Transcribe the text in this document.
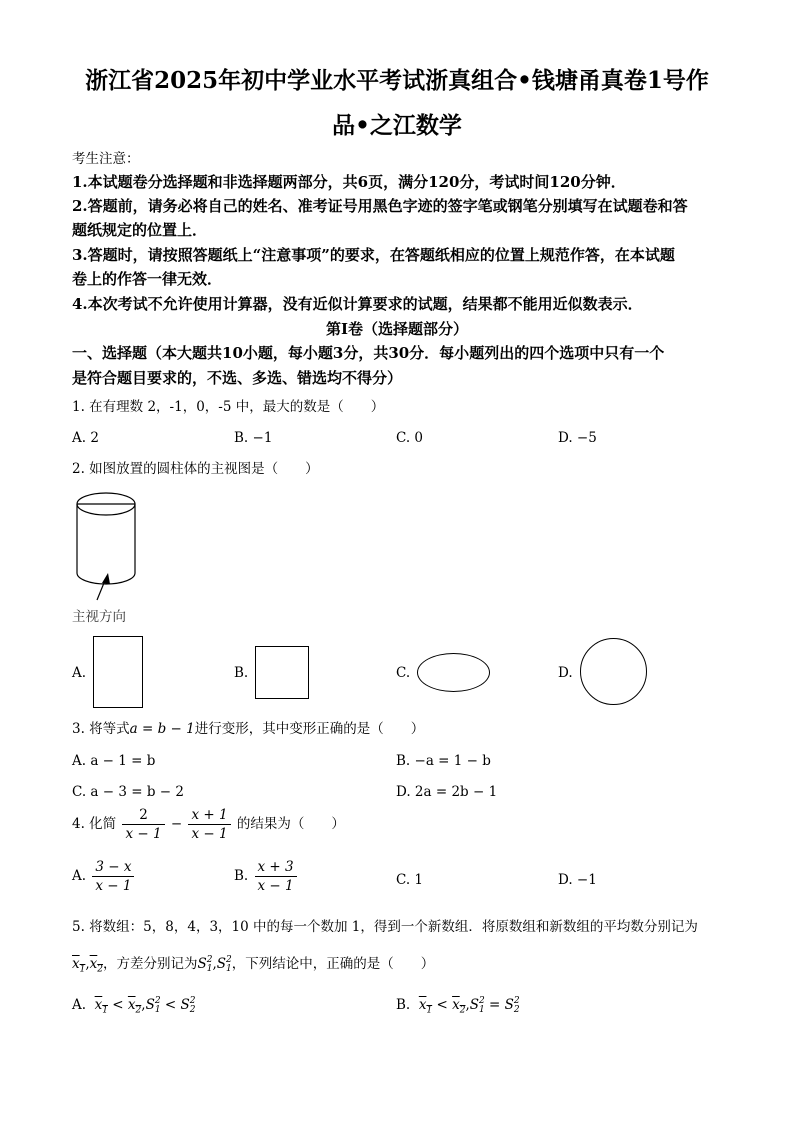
浙江省2025年初中学业水平考试浙真组合•钱塘甬真卷1号作
品•之江数学
考生注意：
1.本试题卷分选择题和非选择题两部分，共6页，满分120分，考试时间120分钟．
2.答题前，请务必将自己的姓名、准考证号用黑色字迹的签字笔或钢笔分别填写在试题卷和答
题纸规定的位置上．
3.答题时，请按照答题纸上“注意事项”的要求，在答题纸相应的位置上规范作答，在本试题
卷上的作答一律无效．
4.本次考试不允许使用计算器，没有近似计算要求的试题，结果都不能用近似数表示．
第Ⅰ卷（选择题部分）
一、选择题（本大题共10小题，每小题3分，共30分．每小题列出的四个选项中只有一个
是符合题目要求的，不选、多选、错选均不得分）
1. 在有理数 2，-1，0，-5 中，最大的数是（　　）
A. 2	B. −1	C. 0	D. −5
2. 如图放置的圆柱体的主视图是（　　）
主视方向
A.	B.	C.	D.
3. 将等式a = b − 1进行变形，其中变形正确的是（　　）
A. a − 1 = b	B. −a = 1 − b
C. a − 3 = b − 2	D. 2a = 2b − 1
4. 化简 $\frac{2}{x - 1} - \frac{x + 1}{x - 1}$ 的结果为（　　）
A. $\frac{3 - x}{x - 1}$	B. $\frac{x + 3}{x - 1}$	C. 1	D. −1
5. 将数组：5，8，4，3，10 中的每一个数加 1，得到一个新数组．将原数组和新数组的平均数分别记为
$x_1,x_2$，方差分别记为S 2
1 ,S 2
1 ，下列结论中，正确的是（　　）
A. $x_1 < x_2,S$ 2
1 < S 2
2	B. $x_1 < x_2,S$ 2
1 = S 2
2
